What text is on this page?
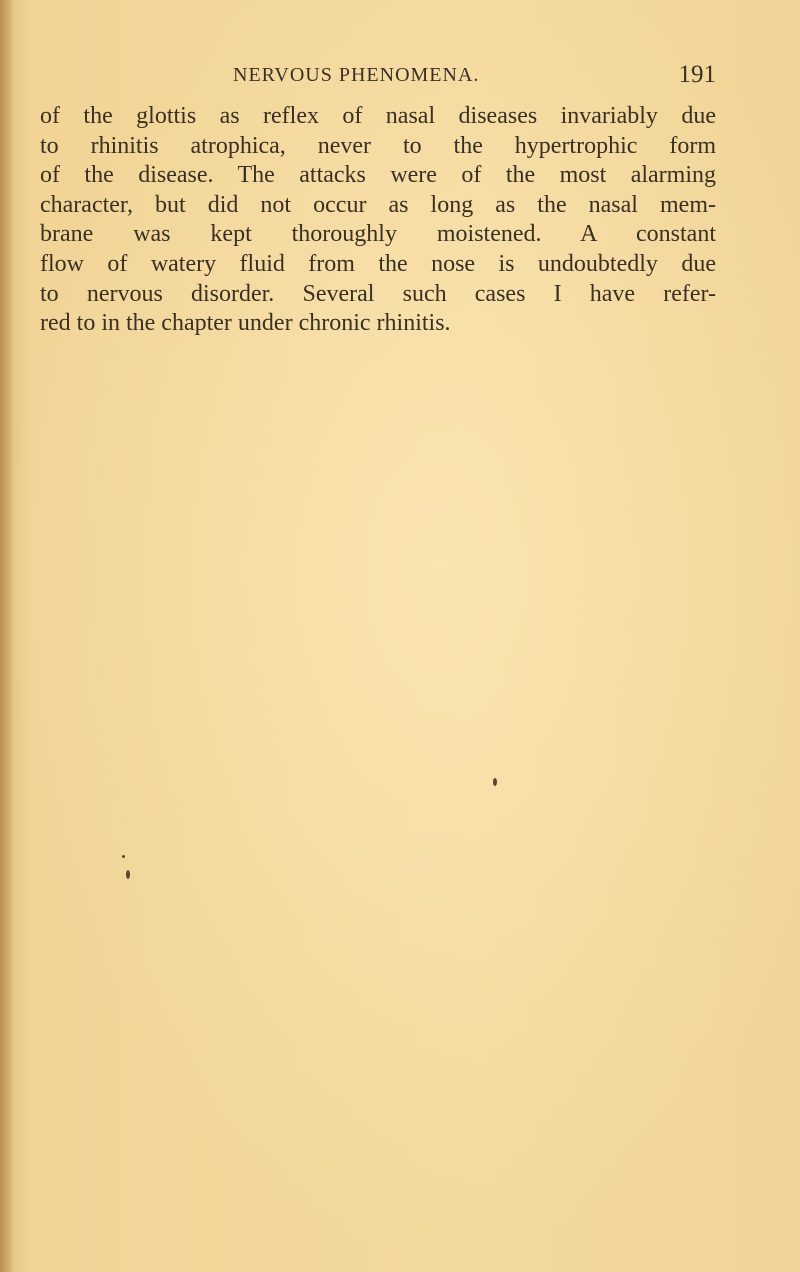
NERVOUS PHENOMENA.	191
of the glottis as reflex of nasal diseases invariably due
to rhinitis atrophica, never to the hypertrophic form
of the disease. The attacks were of the most alarming
character, but did not occur as long as the nasal mem-
brane was kept thoroughly moistened. A constant
flow of watery fluid from the nose is undoubtedly due
to nervous disorder. Several such cases I have refer-
red to in the chapter under chronic rhinitis.
